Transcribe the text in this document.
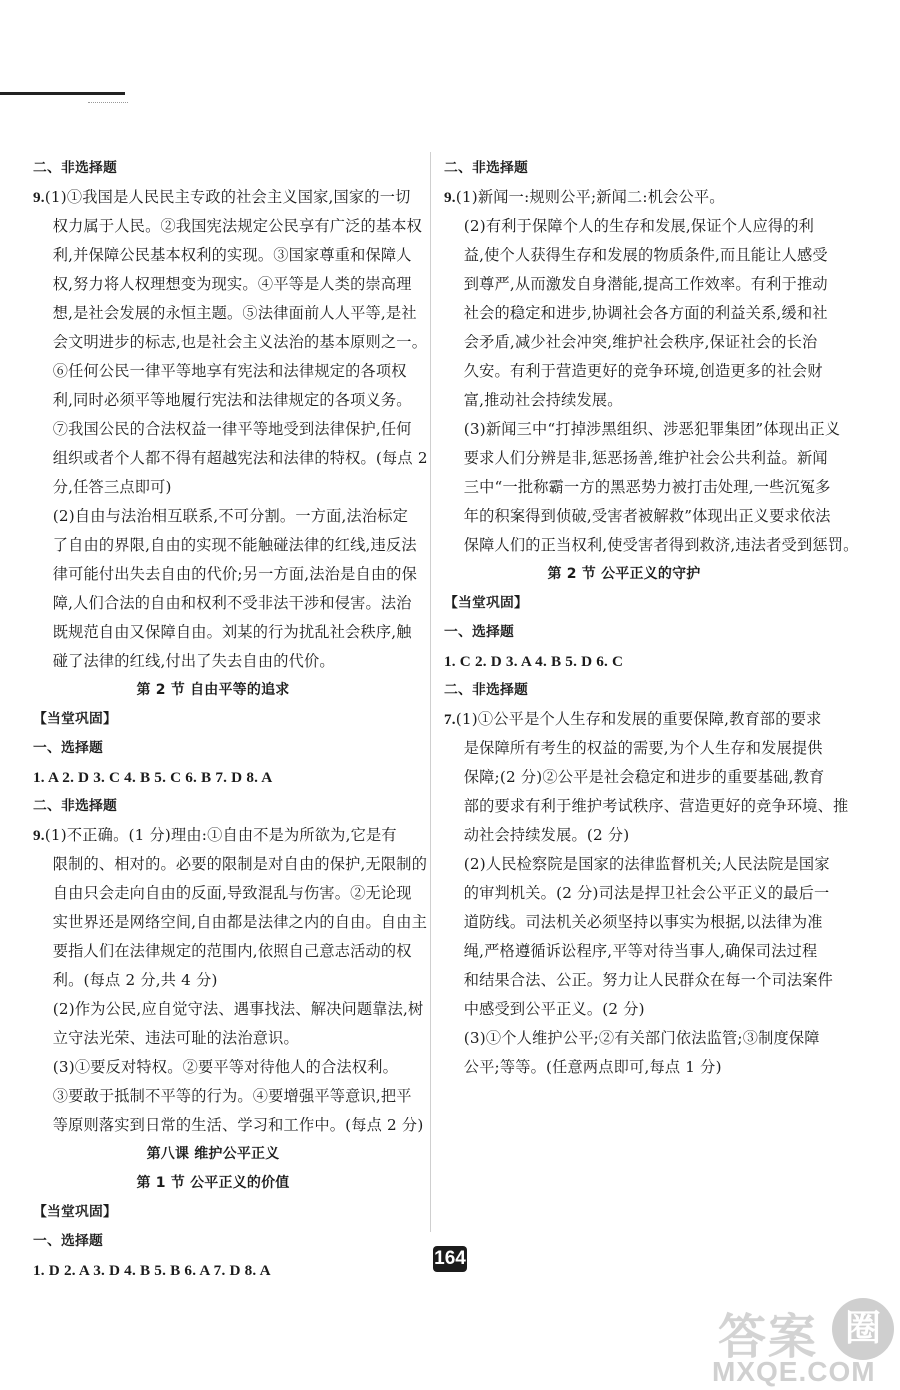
二、非选择题
9.(1)①我国是人民民主专政的社会主义国家,国家的一切
权力属于人民。②我国宪法规定公民享有广泛的基本权
利,并保障公民基本权利的实现。③国家尊重和保障人
权,努力将人权理想变为现实。④平等是人类的崇高理
想,是社会发展的永恒主题。⑤法律面前人人平等,是社
会文明进步的标志,也是社会主义法治的基本原则之一。
⑥任何公民一律平等地享有宪法和法律规定的各项权
利,同时必须平等地履行宪法和法律规定的各项义务。
⑦我国公民的合法权益一律平等地受到法律保护,任何
组织或者个人都不得有超越宪法和法律的特权。(每点 2
分,任答三点即可)
(2)自由与法治相互联系,不可分割。一方面,法治标定
了自由的界限,自由的实现不能触碰法律的红线,违反法
律可能付出失去自由的代价;另一方面,法治是自由的保
障,人们合法的自由和权利不受非法干涉和侵害。法治
既规范自由又保障自由。刘某的行为扰乱社会秩序,触
碰了法律的红线,付出了失去自由的代价。
第 2 节 自由平等的追求
【当堂巩固】
一、选择题
1. A 2. D 3. C 4. B 5. C 6. B 7. D 8. A
二、非选择题
9.(1)不正确。(1 分)理由:①自由不是为所欲为,它是有
限制的、相对的。必要的限制是对自由的保护,无限制的
自由只会走向自由的反面,导致混乱与伤害。②无论现
实世界还是网络空间,自由都是法律之内的自由。自由主
要指人们在法律规定的范围内,依照自己意志活动的权
利。(每点 2 分,共 4 分)
(2)作为公民,应自觉守法、遇事找法、解决问题靠法,树
立守法光荣、违法可耻的法治意识。
(3)①要反对特权。②要平等对待他人的合法权利。
③要敢于抵制不平等的行为。④要增强平等意识,把平
等原则落实到日常的生活、学习和工作中。(每点 2 分)
第八课 维护公平正义
第 1 节 公平正义的价值
【当堂巩固】
一、选择题
1. D 2. A 3. D 4. B 5. B 6. A 7. D 8. A
二、非选择题
9.(1)新闻一:规则公平;新闻二:机会公平。
(2)有利于保障个人的生存和发展,保证个人应得的利
益,使个人获得生存和发展的物质条件,而且能让人感受
到尊严,从而激发自身潜能,提高工作效率。有利于推动
社会的稳定和进步,协调社会各方面的利益关系,缓和社
会矛盾,减少社会冲突,维护社会秩序,保证社会的长治
久安。有利于营造更好的竞争环境,创造更多的社会财
富,推动社会持续发展。
(3)新闻三中“打掉涉黑组织、涉恶犯罪集团”体现出正义
要求人们分辨是非,惩恶扬善,维护社会公共利益。新闻
三中“一批称霸一方的黑恶势力被打击处理,一些沉冤多
年的积案得到侦破,受害者被解救”体现出正义要求依法
保障人们的正当权利,使受害者得到救济,违法者受到惩罚。
第 2 节 公平正义的守护
【当堂巩固】
一、选择题
1. C 2. D 3. A 4. B 5. D 6. C
二、非选择题
7.(1)①公平是个人生存和发展的重要保障,教育部的要求
是保障所有考生的权益的需要,为个人生存和发展提供
保障;(2 分)②公平是社会稳定和进步的重要基础,教育
部的要求有利于维护考试秩序、营造更好的竞争环境、推
动社会持续发展。(2 分)
(2)人民检察院是国家的法律监督机关;人民法院是国家
的审判机关。(2 分)司法是捍卫社会公平正义的最后一
道防线。司法机关必须坚持以事实为根据,以法律为准
绳,严格遵循诉讼程序,平等对待当事人,确保司法过程
和结果合法、公正。努力让人民群众在每一个司法案件
中感受到公平正义。(2 分)
(3)①个人维护公平;②有关部门依法监管;③制度保障
公平;等等。(任意两点即可,每点 1 分)
164
答案 圈
MXQE.COM
